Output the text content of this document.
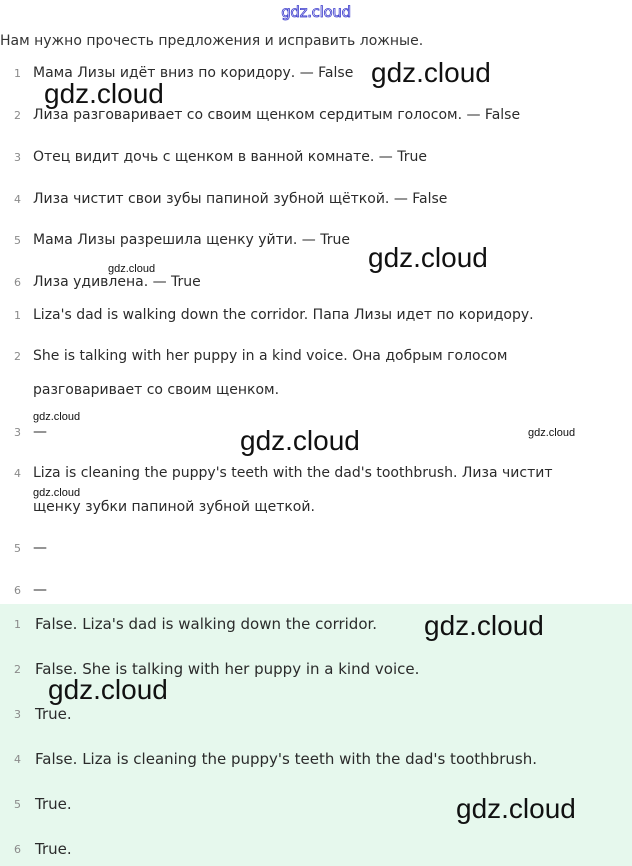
gdz.cloud
Нам нужно прочесть предложения и исправить ложные.
1 Мама Лизы идёт вниз по коридору. — False
2 Лиза разговаривает со своим щенком сердитым голосом. — False
3 Отец видит дочь с щенком в ванной комнате. — True
4 Лиза чистит свои зубы папиной зубной щёткой. — False
5 Мама Лизы разрешила щенку уйти. — True
6 Лиза удивлена. — True
1 Liza's dad is walking down the corridor. Папа Лизы идет по коридору.
2 She is talking with her puppy in a kind voice. Она добрым голосом
разговаривает со своим щенком.
3 —
4 Liza is cleaning the puppy's teeth with the dad's toothbrush. Лиза чистит
щенку зубки папиной зубной щеткой.
5 —
6 —
1 False. Liza's dad is walking down the corridor.
2 False. She is talking with her puppy in a kind voice.
3 True.
4 False. Liza is cleaning the puppy's teeth with the dad's toothbrush.
5 True.
6 True.
gdz.cloud
gdz.cloud
gdz.cloud
gdz.cloud
gdz.cloud
gdz.cloud	gdz.cloud
gdz.cloud
gdz.cloud
gdz.cloud
gdz.cloud
